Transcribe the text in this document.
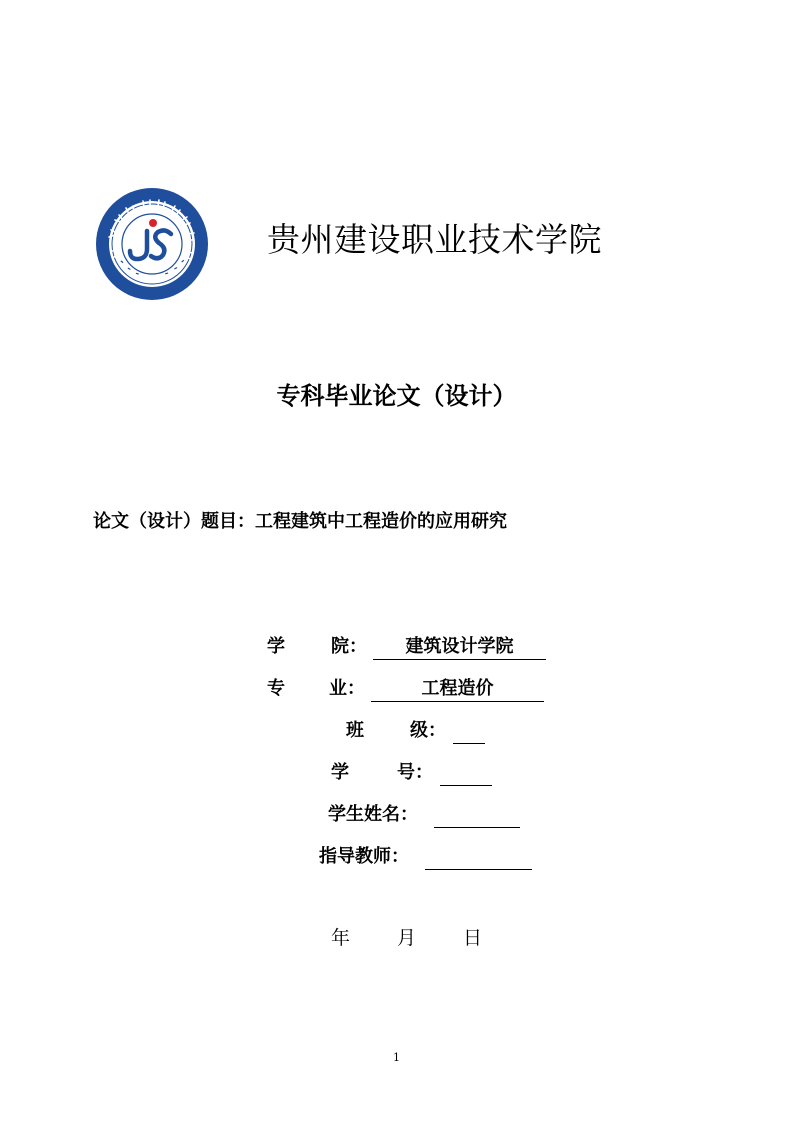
贵州建设职业技术学院
专科毕业论文（设计）
论文（设计）题目：工程建筑中工程造价的应用研究
学	院：	建筑设计学院
专 业：	工程造价
班	级：
学	号：
学生姓名：
指导教师：
年 月 日
1
